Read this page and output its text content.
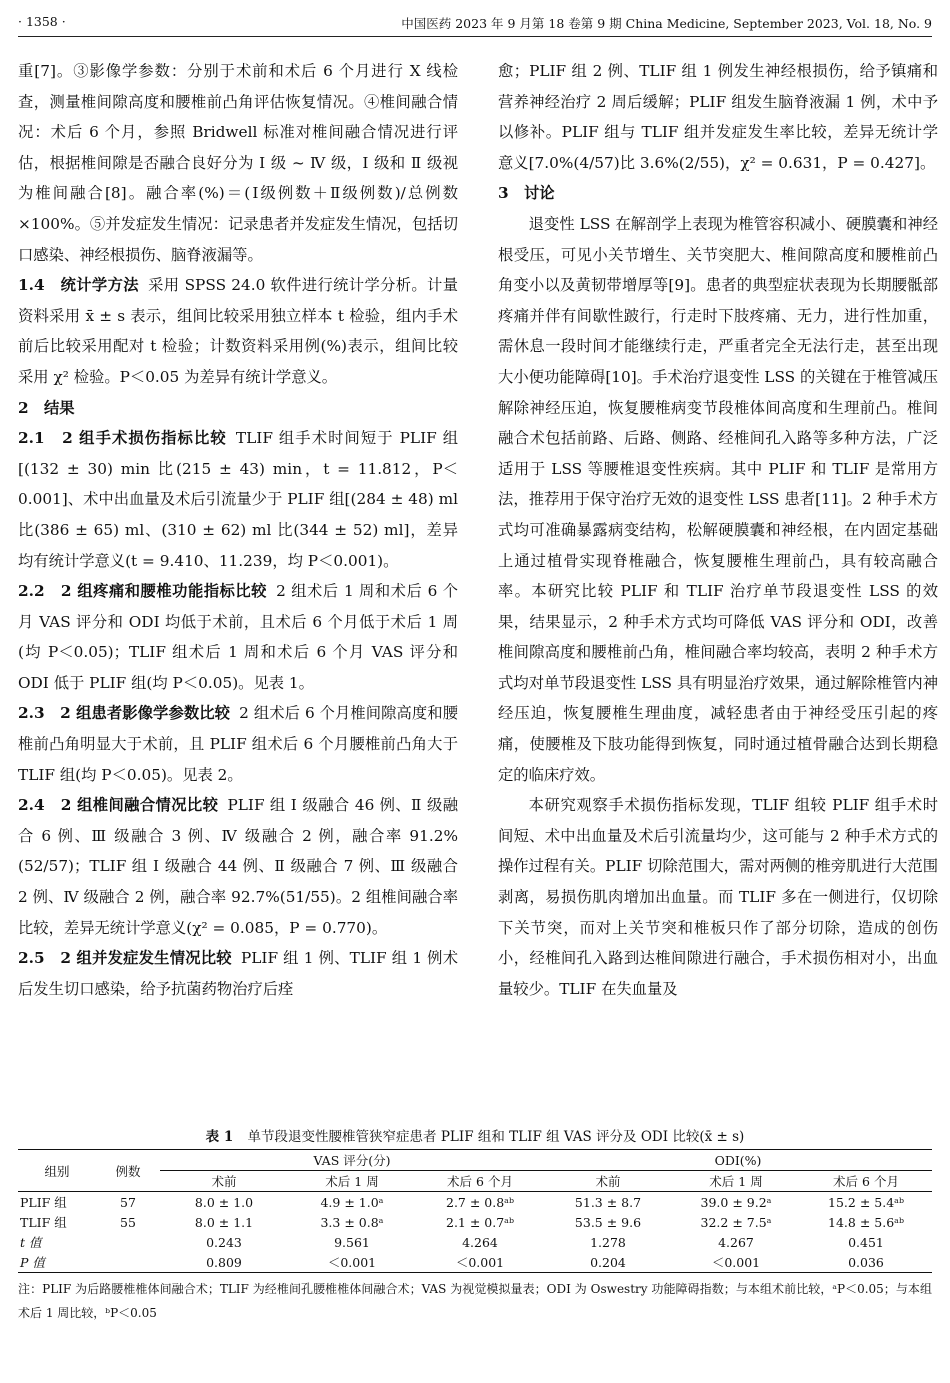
· 1358 ·	中国医药 2023 年 9 月第 18 卷第 9 期 China Medicine, September 2023, Vol. 18, No. 9

重[7]。③影像学参数：分别于术前和术后 6 个月进行 X 线检查，测量椎间隙高度和腰椎前凸角评估恢复情况。④椎间融合情况：术后 6 个月，参照 Bridwell 标准对椎间融合情况进行评估，根据椎间隙是否融合良好分为 Ⅰ 级 ~ Ⅳ 级，Ⅰ 级和 Ⅱ 级视为椎间融合[8]。融合率(%)＝(Ⅰ级例数＋Ⅱ级例数)/总例数×100%。⑤并发症发生情况：记录患者并发症发生情况，包括切口感染、神经根损伤、脑脊液漏等。

1.4　统计学方法 采用 SPSS 24.0 软件进行统计学分析。计量资料采用 x̄ ± s 表示，组间比较采用独立样本 t 检验，组内手术前后比较采用配对 t 检验；计数资料采用例(%)表示，组间比较采用 χ² 检验。P＜0.05 为差异有统计学意义。

2　结果

2.1　2 组手术损伤指标比较 TLIF 组手术时间短于 PLIF 组[(132 ± 30) min 比(215 ± 43) min，t = 11.812，P＜0.001]、术中出血量及术后引流量少于 PLIF 组[(284 ± 48) ml 比(386 ± 65) ml、(310 ± 62) ml 比(344 ± 52) ml]，差异均有统计学意义(t = 9.410、11.239，均 P＜0.001)。

2.2　2 组疼痛和腰椎功能指标比较 2 组术后 1 周和术后 6 个月 VAS 评分和 ODI 均低于术前，且术后 6 个月低于术后 1 周(均 P＜0.05)；TLIF 组术后 1 周和术后 6 个月 VAS 评分和 ODI 低于 PLIF 组(均 P＜0.05)。见表 1。

2.3　2 组患者影像学参数比较 2 组术后 6 个月椎间隙高度和腰椎前凸角明显大于术前，且 PLIF 组术后 6 个月腰椎前凸角大于 TLIF 组(均 P＜0.05)。见表 2。

2.4　2 组椎间融合情况比较 PLIF 组 Ⅰ 级融合 46 例、Ⅱ 级融合 6 例、Ⅲ 级融合 3 例、Ⅳ 级融合 2 例，融合率 91.2%(52/57)；TLIF 组 Ⅰ 级融合 44 例、Ⅱ 级融合 7 例、Ⅲ 级融合 2 例、Ⅳ 级融合 2 例，融合率 92.7%(51/55)。2 组椎间融合率比较，差异无统计学意义(χ² = 0.085，P = 0.770)。

2.5　2 组并发症发生情况比较 PLIF 组 1 例、TLIF 组 1 例术后发生切口感染，给予抗菌药物治疗后痊

愈；PLIF 组 2 例、TLIF 组 1 例发生神经根损伤，给予镇痛和营养神经治疗 2 周后缓解；PLIF 组发生脑脊液漏 1 例，术中予以修补。PLIF 组与 TLIF 组并发症发生率比较，差异无统计学意义[7.0%(4/57)比 3.6%(2/55)，χ² = 0.631，P = 0.427]。

3　讨论

退变性 LSS 在解剖学上表现为椎管容积减小、硬膜囊和神经根受压，可见小关节增生、关节突肥大、椎间隙高度和腰椎前凸角变小以及黄韧带增厚等[9]。患者的典型症状表现为长期腰骶部疼痛并伴有间歇性跛行，行走时下肢疼痛、无力，进行性加重，需休息一段时间才能继续行走，严重者完全无法行走，甚至出现大小便功能障碍[10]。手术治疗退变性 LSS 的关键在于椎管减压解除神经压迫，恢复腰椎病变节段椎体间高度和生理前凸。椎间融合术包括前路、后路、侧路、经椎间孔入路等多种方法，广泛适用于 LSS 等腰椎退变性疾病。其中 PLIF 和 TLIF 是常用方法，推荐用于保守治疗无效的退变性 LSS 患者[11]。2 种手术方式均可准确暴露病变结构，松解硬膜囊和神经根，在内固定基础上通过植骨实现脊椎融合，恢复腰椎生理前凸，具有较高融合率。本研究比较 PLIF 和 TLIF 治疗单节段退变性 LSS 的效果，结果显示，2 种手术方式均可降低 VAS 评分和 ODI，改善椎间隙高度和腰椎前凸角，椎间融合率均较高，表明 2 种手术方式均对单节段退变性 LSS 具有明显治疗效果，通过解除椎管内神经压迫，恢复腰椎生理曲度，减轻患者由于神经受压引起的疼痛，使腰椎及下肢功能得到恢复，同时通过植骨融合达到长期稳定的临床疗效。

本研究观察手术损伤指标发现，TLIF 组较 PLIF 组手术时间短、术中出血量及术后引流量均少，这可能与 2 种手术方式的操作过程有关。PLIF 切除范围大，需对两侧的椎旁肌进行大范围剥离，易损伤肌肉增加出血量。而 TLIF 多在一侧进行，仅切除下关节突，而对上关节突和椎板只作了部分切除，造成的创伤小，经椎间孔入路到达椎间隙进行融合，手术损伤相对小，出血量较少。TLIF 在失血量及

表 1 单节段退变性腰椎管狭窄症患者 PLIF 组和 TLIF 组 VAS 评分及 ODI 比较(x̄ ± s)
组别	例数	VAS 评分(分)			ODI(%)		
		术前	术后 1 周	术后 6 个月	术前	术后 1 周	术后 6 个月
PLIF 组	57	8.0 ± 1.0	4.9 ± 1.0ᵃ	2.7 ± 0.8ᵃᵇ	51.3 ± 8.7	39.0 ± 9.2ᵃ	15.2 ± 5.4ᵃᵇ
TLIF 组	55	8.0 ± 1.1	3.3 ± 0.8ᵃ	2.1 ± 0.7ᵃᵇ	53.5 ± 9.6	32.2 ± 7.5ᵃ	14.8 ± 5.6ᵃᵇ
t 值		0.243	9.561	4.264	1.278	4.267	0.451
P 值		0.809	＜0.001	＜0.001	0.204	＜0.001	0.036
注：PLIF 为后路腰椎椎体间融合术；TLIF 为经椎间孔腰椎椎体间融合术；VAS 为视觉模拟量表；ODI 为 Oswestry 功能障碍指数；与本组术前比较，ᵃP＜0.05；与本组术后 1 周比较，ᵇP＜0.05
